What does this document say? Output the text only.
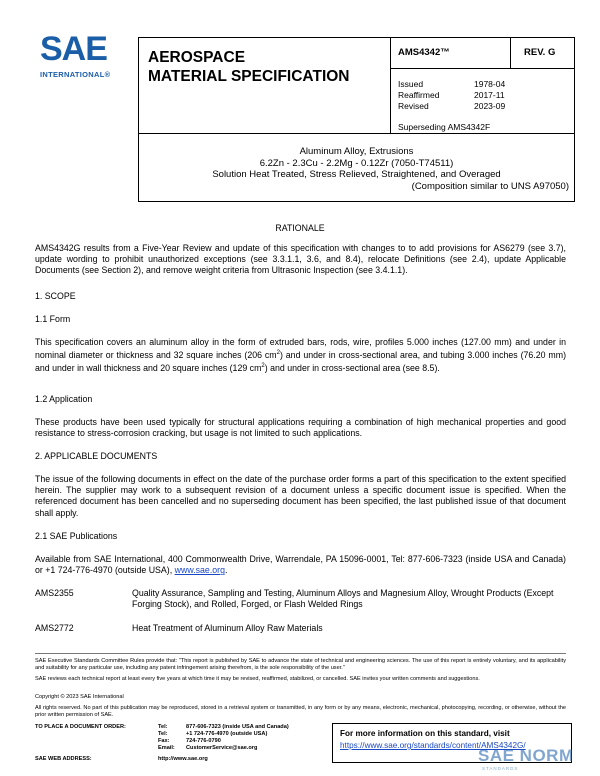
SAE
INTERNATIONAL®
AEROSPACE
MATERIAL SPECIFICATION
AMS4342™	REV. G
Issued	1978-04
Reaffirmed	2017-11
Revised	2023-09
Superseding AMS4342F
Aluminum Alloy, Extrusions
6.2Zn - 2.3Cu - 2.2Mg - 0.12Zr (7050-T74511)
Solution Heat Treated, Stress Relieved, Straightened, and Overaged
(Composition similar to UNS A97050)
RATIONALE
AMS4342G results from a Five-Year Review and update of this specification with changes to to add provisions for AS6279 (see 3.7), update wording to prohibit unauthorized exceptions (see 3.3.1.1, 3.6, and 8.4), relocate Definitions (see 2.4), update Applicable Documents (see Section 2), and remove weight criteria from Ultrasonic Inspection (see 3.4.1.1).
1. SCOPE
1.1 Form
This specification covers an aluminum alloy in the form of extruded bars, rods, wire, profiles 5.000 inches (127.00 mm) and under in nominal diameter or thickness and 32 square inches (206 $cm^2$) and under in cross-sectional area, and tubing 3.000 inches (76.20 mm) and under in wall thickness and 20 square inches (129 $cm^2$) and under in cross-sectional area (see 8.5).
1.2 Application
These products have been used typically for structural applications requiring a combination of high mechanical properties and good resistance to stress-corrosion cracking, but usage is not limited to such applications.
2. APPLICABLE DOCUMENTS
The issue of the following documents in effect on the date of the purchase order forms a part of this specification to the extent specified herein. The supplier may work to a subsequent revision of a document unless a specific document issue is specified. When the referenced document has been cancelled and no superseding document has been specified, the last published issue of that document shall apply.
2.1 SAE Publications
Available from SAE International, 400 Commonwealth Drive, Warrendale, PA 15096-0001, Tel: 877-606-7323 (inside USA and Canada) or +1 724-776-4970 (outside USA), www.sae.org.
AMS2355	Quality Assurance, Sampling and Testing, Aluminum Alloys and Magnesium Alloy, Wrought Products (Except Forging Stock), and Rolled, Forged, or Flash Welded Rings
AMS2772	Heat Treatment of Aluminum Alloy Raw Materials
SAE Executive Standards Committee Rules provide that: “This report is published by SAE to advance the state of technical and engineering sciences. The use of this report is entirely voluntary, and its applicability and suitability for any particular use, including any patent infringement arising therefrom, is the sole responsibility of the user.”
SAE reviews each technical report at least every five years at which time it may be revised, reaffirmed, stabilized, or cancelled. SAE invites your written comments and suggestions.
Copyright © 2023 SAE International
All rights reserved. No part of this publication may be reproduced, stored in a retrieval system or transmitted, in any form or by any means, electronic, mechanical, photocopying, recording, or otherwise, without the prior written permission of SAE.
TO PLACE A DOCUMENT ORDER:	Tel:	877-606-7323 (inside USA and Canada)
Tel:	+1 724-776-4970 (outside USA)
Fax:	724-776-0790
Email: CustomerService@sae.org
SAE WEB ADDRESS:	http://www.sae.org
For more information on this standard, visit
https://www.sae.org/standards/content/AMS4342G/
SAE NORM
STANDARDS
